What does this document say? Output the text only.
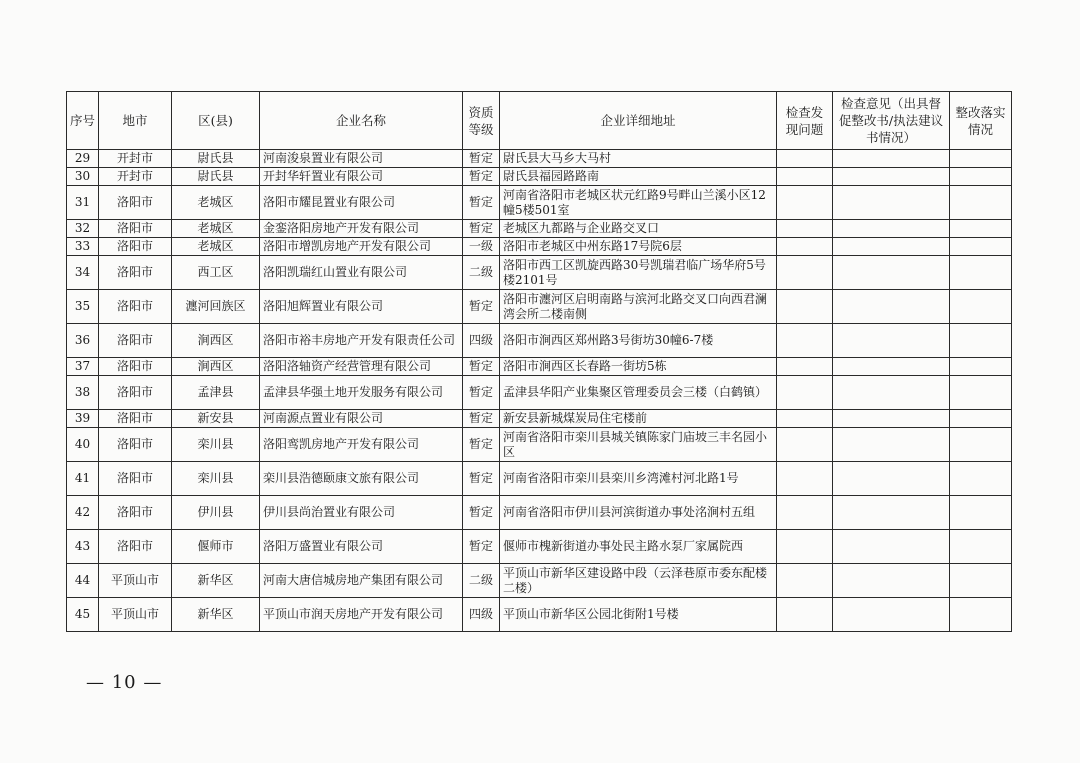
序号	地市	区(县)	企业名称	资质等级	企业详细地址	检查发现问题	检查意见（出具督促整改书/执法建议书情况）	整改落实情况
29	开封市	尉氏县	河南浚泉置业有限公司	暂定	尉氏县大马乡大马村			
30	开封市	尉氏县	开封华轩置业有限公司	暂定	尉氏县福园路路南			
31	洛阳市	老城区	洛阳市耀昆置业有限公司	暂定	河南省洛阳市老城区状元红路9号畔山兰溪小区12幢5楼501室			
32	洛阳市	老城区	金銮洛阳房地产开发有限公司	暂定	老城区九都路与企业路交叉口			
33	洛阳市	老城区	洛阳市增凯房地产开发有限公司	一级	洛阳市老城区中州东路17号院6层			
34	洛阳市	西工区	洛阳凯瑞红山置业有限公司	二级	洛阳市西工区凯旋西路30号凯瑞君临广场华府5号楼2101号			
35	洛阳市	瀍河回族区	洛阳旭辉置业有限公司	暂定	洛阳市瀍河区启明南路与滨河北路交叉口向西君澜湾会所二楼南侧			
36	洛阳市	涧西区	洛阳市裕丰房地产开发有限责任公司	四级	洛阳市涧西区郑州路3号街坊30幢6-7楼			
37	洛阳市	涧西区	洛阳洛轴资产经营管理有限公司	暂定	洛阳市涧西区长春路一街坊5栋			
38	洛阳市	孟津县	孟津县华强土地开发服务有限公司	暂定	孟津县华阳产业集聚区管理委员会三楼（白鹤镇）			
39	洛阳市	新安县	河南源点置业有限公司	暂定	新安县新城煤炭局住宅楼前			
40	洛阳市	栾川县	洛阳鸾凯房地产开发有限公司	暂定	河南省洛阳市栾川县城关镇陈家门庙坡三丰名园小区			
41	洛阳市	栾川县	栾川县浩德颐康文旅有限公司	暂定	河南省洛阳市栾川县栾川乡湾滩村河北路1号			
42	洛阳市	伊川县	伊川县尚治置业有限公司	暂定	河南省洛阳市伊川县河滨街道办事处洺涧村五组			
43	洛阳市	偃师市	洛阳万盛置业有限公司	暂定	偃师市槐新街道办事处民主路水泵厂家属院西			
44	平顶山市	新华区	河南大唐信城房地产集团有限公司	二级	平顶山市新华区建设路中段（云泽巷原市委东配楼二楼）			
45	平顶山市	新华区	平顶山市润天房地产开发有限公司	四级	平顶山市新华区公园北街附1号楼			
— 10 —
